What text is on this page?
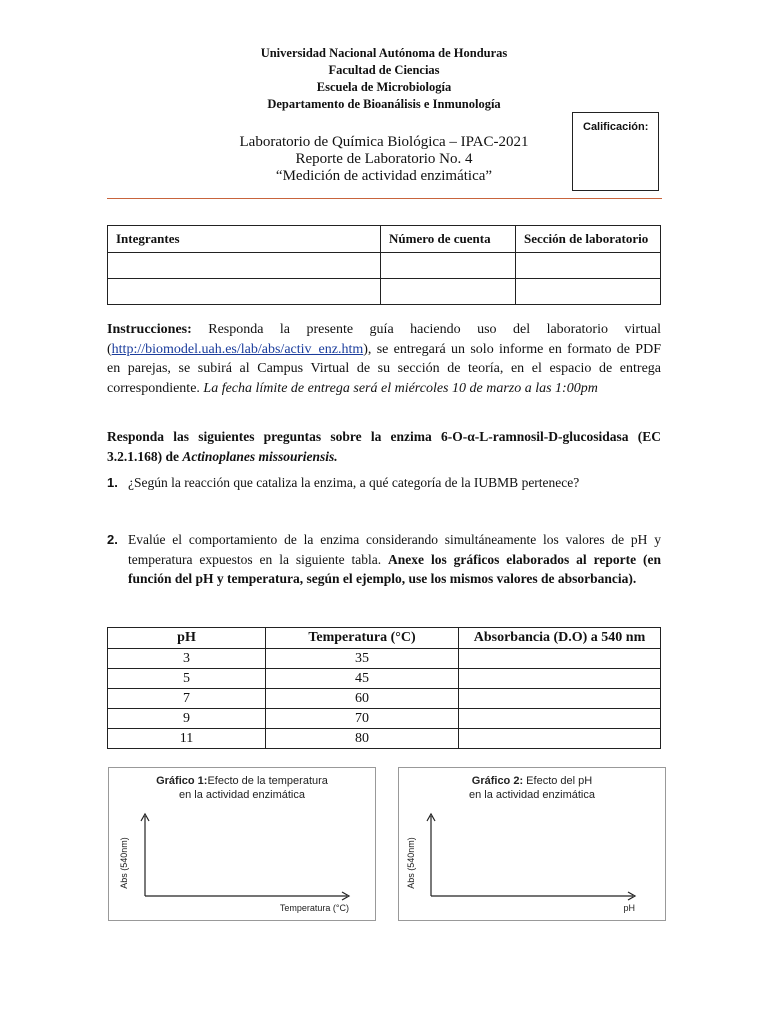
Universidad Nacional Autónoma de Honduras
Facultad de Ciencias
Escuela de Microbiología
Departamento de Bioanálisis e Inmunología
Laboratorio de Química Biológica – IPAC-2021
Reporte de Laboratorio No. 4
“Medición de actividad enzimática”
Calificación:
Integrantes	Número de cuenta	Sección de laboratorio

Instrucciones: Responda la presente guía haciendo uso del laboratorio virtual (http://biomodel.uah.es/lab/abs/activ_enz.htm), se entregará un solo informe en formato de PDF en parejas, se subirá al Campus Virtual de su sección de teoría, en el espacio de entrega correspondiente. La fecha límite de entrega será el miércoles 10 de marzo a las 1:00pm
Responda las siguientes preguntas sobre la enzima 6-O-α-L-ramnosil-D-glucosidasa (EC 3.2.1.168) de Actinoplanes missouriensis.
1. ¿Según la reacción que cataliza la enzima, a qué categoría de la IUBMB pertenece?
2. Evalúe el comportamiento de la enzima considerando simultáneamente los valores de pH y temperatura expuestos en la siguiente tabla. Anexe los gráficos elaborados al reporte (en función del pH y temperatura, según el ejemplo, use los mismos valores de absorbancia).
pH	Temperatura (°C)	Absorbancia (D.O) a 540 nm
3	35	
5	45	
7	60	
9	70	
11	80	
Gráfico 1:Efecto de la temperatura
en la actividad enzimática
Abs (540nm)
Temperatura (°C)
Gráfico 2: Efecto del pH
en la actividad enzimática
Abs (540nm)
pH
